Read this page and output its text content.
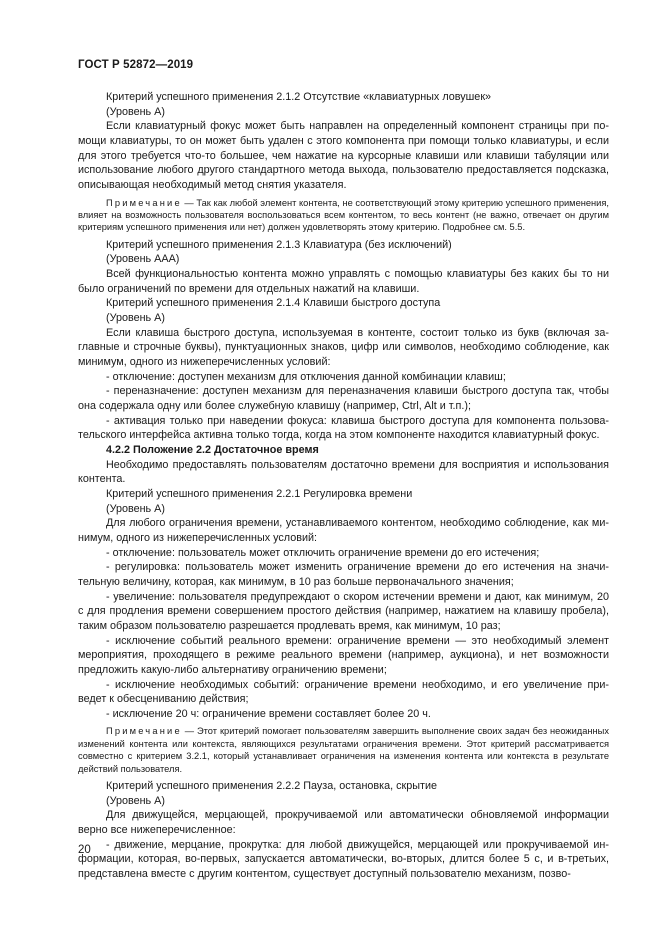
ГОСТ Р 52872—2019

Критерий успешного применения 2.1.2 Отсутствие «клавиатурных ловушек»

(Уровень А)

Если клавиатурный фокус может быть направлен на определенный компонент страницы при помощи клавиатуры, то он может быть удален с этого компонента при помощи только клавиатуры, и если для этого требуется что-то большее, чем нажатие на курсорные клавиши или клавиши табуляции или использование любого другого стандартного метода выхода, пользователю предоставляется подсказка, описывающая необходимый метод снятия указателя.

Примечание — Так как любой элемент контента, не соответствующий этому критерию успешного применения, влияет на возможность пользователя воспользоваться всем контентом, то весь контент (не важно, отвечает он другим критериям успешного применения или нет) должен удовлетворять этому критерию. Подробнее см. 5.5.

Критерий успешного применения 2.1.3 Клавиатура (без исключений)

(Уровень ААА)

Всей функциональностью контента можно управлять с помощью клавиатуры без каких бы то ни было ограничений по времени для отдельных нажатий на клавиши.

Критерий успешного применения 2.1.4 Клавиши быстрого доступа

(Уровень А)

Если клавиша быстрого доступа, используемая в контенте, состоит только из букв (включая заглавные и строчные буквы), пунктуационных знаков, цифр или символов, необходимо соблюдение, как минимум, одного из нижеперечисленных условий:

- отключение: доступен механизм для отключения данной комбинации клавиш;

- переназначение: доступен механизм для переназначения клавиши быстрого доступа так, чтобы она содержала одну или более служебную клавишу (например, Ctrl, Alt и т.п.);

- активация только при наведении фокуса: клавиша быстрого доступа для компонента пользовательского интерфейса активна только тогда, когда на этом компоненте находится клавиатурный фокус.

4.2.2 Положение 2.2 Достаточное время

Необходимо предоставлять пользователям достаточно времени для восприятия и использования контента.

Критерий успешного применения 2.2.1 Регулировка времени

(Уровень А)

Для любого ограничения времени, устанавливаемого контентом, необходимо соблюдение, как минимум, одного из нижеперечисленных условий:

- отключение: пользователь может отключить ограничение времени до его истечения;

- регулировка: пользователь может изменить ограничение времени до его истечения на значительную величину, которая, как минимум, в 10 раз больше первоначального значения;

- увеличение: пользователя предупреждают о скором истечении времени и дают, как минимум, 20 с для продления времени совершением простого действия (например, нажатием на клавишу пробела), таким образом пользователю разрешается продлевать время, как минимум, 10 раз;

- исключение событий реального времени: ограничение времени — это необходимый элемент мероприятия, проходящего в режиме реального времени (например, аукциона), и нет возможности предложить какую-либо альтернативу ограничению времени;

- исключение необходимых событий: ограничение времени необходимо, и его увеличение приведет к обесцениванию действия;

- исключение 20 ч: ограничение времени составляет более 20 ч.

Примечание — Этот критерий помогает пользователям завершить выполнение своих задач без неожиданных изменений контента или контекста, являющихся результатами ограничения времени. Этот критерий рассматривается совместно с критерием 3.2.1, который устанавливает ограничения на изменения контента или контекста в результате действий пользователя.

Критерий успешного применения 2.2.2 Пауза, остановка, скрытие

(Уровень А)

Для движущейся, мерцающей, прокручиваемой или автоматически обновляемой информации верно все нижеперечисленное:

- движение, мерцание, прокрутка: для любой движущейся, мерцающей или прокручиваемой информации, которая, во-первых, запускается автоматически, во-вторых, длится более 5 с, и в-третьих, представлена вместе с другим контентом, существует доступный пользователю механизм, позво-

20
